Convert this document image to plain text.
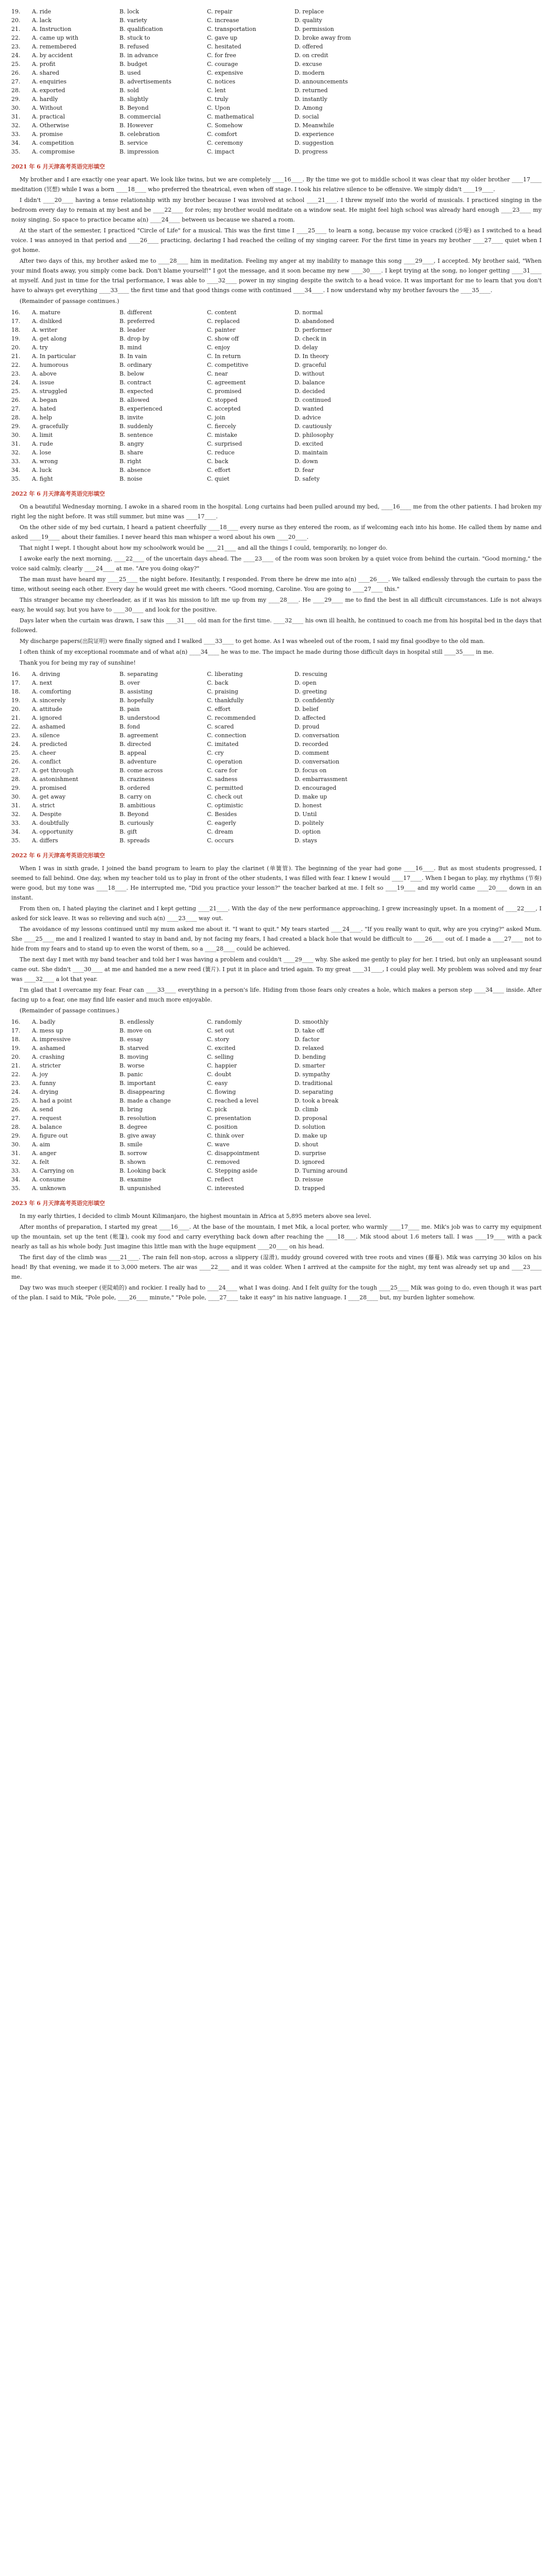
19.	A. ride	B. lock	C. repair	D. replace
20.	A. lack	B. variety	C. increase	D. quality
21.	A. Instruction	B. qualification	C. transportation	D. permission
22.	A. came up with	B. stuck to	C. gave up	D. broke away from
23.	A. remembered	B. refused	C. hesitated	D. offered
24.	A. by accident	B. in advance	C. for free	D. on credit
25.	A. profit	B. budget	C. courage	D. excuse
26.	A. shared	B. used	C. expensive	D. modern
27.	A. enquiries	B. advertisements	C. notices	D. announcements
28.	A. exported	B. sold	C. lent	D. returned
29.	A. hardly	B. slightly	C. truly	D. instantly
30.	A. Without	B. Beyond	C. Upon	D. Among
31.	A. practical	B. commercial	C. mathematical	D. social
32.	A. Otherwise	B. However	C. Somehow	D. Meanwhile
33.	A. promise	B. celebration	C. comfort	D. experience
34.	A. competition	B. service	C. ceremony	D. suggestion
35.	A. compromise	B. impression	C. impact	D. progress
2021 年 6 月天津高考英语完形填空

My brother and I are exactly one year apart. We look like twins, but we are completely ____16____. By the time we got to middle school it was clear that my older brother ____17____ meditation (冥想) while I was a born ____18____ who preferred the theatrical, even when off stage. I took his relative silence to be offensive. We simply didn't ____19____.

I didn't ____20____ having a tense relationship with my brother because I was involved at school ____21____. I threw myself into the world of musicals. I practiced singing in the bedroom every day to remain at my best and be ____22____ for roles; my brother would meditate on a window seat. He might feel high school was already hard enough ____23____ my noisy singing. So space to practice became a(n) ____24____ between us because we shared a room.

At the start of the semester, I practiced "Circle of Life" for a musical. This was the first time I ____25____ to learn a song, because my voice cracked (沙哑) as I switched to a head voice. I was annoyed in that period and ____26____ practicing, declaring I had reached the ceiling of my singing career. For the first time in years my brother ____27____ quiet when I got home.

After two days of this, my brother asked me to ____28____ him in meditation. Feeling my anger at my inability to manage this song ____29____, I accepted. My brother said, "When your mind floats away, you simply come back. Don't blame yourself!" I got the message, and it soon became my new ____30____. I kept trying at the song, no longer getting ____31____ at myself. And just in time for the trial performance, I was able to ____32____ power in my singing despite the switch to a head voice. It was important for me to learn that you don't have to always get everything ____33____ the first time and that good things come with continued ____34____. I now understand why my brother favours the ____35____.

(Remainder of passage continues.)

16.	A. mature	B. different	C. content	D. normal
17.	A. disliked	B. preferred	C. replaced	D. abandoned
18.	A. writer	B. leader	C. painter	D. performer
19.	A. get along	B. drop by	C. show off	D. check in
20.	A. try	B. mind	C. enjoy	D. delay
21.	A. In particular	B. In vain	C. In return	D. In theory
22.	A. humorous	B. ordinary	C. competitive	D. graceful
23.	A. above	B. below	C. near	D. without
24.	A. issue	B. contract	C. agreement	D. balance
25.	A. struggled	B. expected	C. promised	D. decided
26.	A. began	B. allowed	C. stopped	D. continued
27.	A. hated	B. experienced	C. accepted	D. wanted
28.	A. help	B. invite	C. join	D. advice
29.	A. gracefully	B. suddenly	C. fiercely	D. cautiously
30.	A. limit	B. sentence	C. mistake	D. philosophy
31.	A. rude	B. angry	C. surprised	D. excited
32.	A. lose	B. share	C. reduce	D. maintain
33.	A. wrong	B. right	C. back	D. down
34.	A. luck	B. absence	C. effort	D. fear
35.	A. fight	B. noise	C. quiet	D. safety
2022 年 6 月天津高考英语完形填空

On a beautiful Wednesday morning, I awoke in a shared room in the hospital. Long curtains had been pulled around my bed, ____16____ me from the other patients. I had broken my right leg the night before. It was still summer, but mine was ____17____.

On the other side of my bed curtain, I heard a patient cheerfully ____18____ every nurse as they entered the room, as if welcoming each into his home. He called them by name and asked ____19____ about their families. I never heard this man whisper a word about his own ____20____.

That night I wept. I thought about how my schoolwork would be ____21____ and all the things I could, temporarily, no longer do.

I awoke early the next morning, ____22____ of the uncertain days ahead. The ____23____ of the room was soon broken by a quiet voice from behind the curtain. "Good morning," the voice said calmly, clearly ____24____ at me. "Are you doing okay?"

The man must have heard my ____25____ the night before. Hesitantly, I responded. From there he drew me into a(n) ____26____. We talked endlessly through the curtain to pass the time, without seeing each other. Every day he would greet me with cheers. "Good morning, Caroline. You are going to ____27____ this."

This stranger became my cheerleader, as if it was his mission to lift me up from my ____28____. He ____29____ me to find the best in all difficult circumstances. Life is not always easy, he would say, but you have to ____30____ and look for the positive.

Days later when the curtain was drawn, I saw this ____31____ old man for the first time. ____32____ his own ill health, he continued to coach me from his hospital bed in the days that followed.

My discharge papers(出院证明) were finally signed and I walked ____33____ to get home. As I was wheeled out of the room, I said my final goodbye to the old man.

I often think of my exceptional roommate and of what a(n) ____34____ he was to me. The impact he made during those difficult days in hospital still ____35____ in me.

Thank you for being my ray of sunshine!

16.	A. driving	B. separating	C. liberating	D. rescuing
17.	A. next	B. over	C. back	D. open
18.	A. comforting	B. assisting	C. praising	D. greeting
19.	A. sincerely	B. hopefully	C. thankfully	D. confidently
20.	A. attitude	B. pain	C. effort	D. belief
21.	A. ignored	B. understood	C. recommended	D. affected
22.	A. ashamed	B. fond	C. scared	D. proud
23.	A. silence	B. agreement	C. connection	D. conversation
24.	A. predicted	B. directed	C. imitated	D. recorded
25.	A. cheer	B. appeal	C. cry	D. comment
26.	A. conflict	B. adventure	C. operation	D. conversation
27.	A. get through	B. come across	C. care for	D. focus on
28.	A. astonishment	B. craziness	C. sadness	D. embarrassment
29.	A. promised	B. ordered	C. permitted	D. encouraged
30.	A. get away	B. carry on	C. check out	D. make up
31.	A. strict	B. ambitious	C. optimistic	D. honest
32.	A. Despite	B. Beyond	C. Besides	D. Until
33.	A. doubtfully	B. curiously	C. eagerly	D. politely
34.	A. opportunity	B. gift	C. dream	D. option
35.	A. differs	B. spreads	C. occurs	D. stays
2022 年 6 月天津高考英语完形填空

When I was in sixth grade, I joined the band program to learn to play the clarinet (单簧管). The beginning of the year had gone ____16____. But as most students progressed, I seemed to fall behind. One day, when my teacher told us to play in front of the other students, I was filled with fear. I knew I would ____17____. When I began to play, my rhythms (节奏) were good, but my tone was ____18____. He interrupted me, "Did you practice your lesson?" the teacher barked at me. I felt so ____19____ and my world came ____20____ down in an instant.

From then on, I hated playing the clarinet and I kept getting ____21____. With the day of the new performance approaching, I grew increasingly upset. In a moment of ____22____, I asked for sick leave. It was so relieving and such a(n) ____23____ way out.

The avoidance of my lessons continued until my mum asked me about it. "I want to quit." My tears started ____24____. "If you really want to quit, why are you crying?" asked Mum. She ____25____ me and I realized I wanted to stay in band and, by not facing my fears, I had created a black hole that would be difficult to ____26____ out of. I made a ____27____ not to hide from my fears and to stand up to even the worst of them, so a ____28____ could be achieved.

The next day I met with my band teacher and told her I was having a problem and couldn't ____29____ why. She asked me gently to play for her. I tried, but only an unpleasant sound came out. She didn't ____30____ at me and handed me a new reed (簧片). I put it in place and tried again. To my great ____31____, I could play well. My problem was solved and my fear was ____32____ a lot that year.

I'm glad that I overcame my fear. Fear can ____33____ everything in a person's life. Hiding from those fears only creates a hole, which makes a person step ____34____ inside. After facing up to a fear, one may find life easier and much more enjoyable.

(Remainder of passage continues.)

16.	A. badly	B. endlessly	C. randomly	D. smoothly
17.	A. mess up	B. move on	C. set out	D. take off
18.	A. impressive	B. essay	C. story	D. factor
19.	A. ashamed	B. starved	C. excited	D. relaxed
20.	A. crashing	B. moving	C. selling	D. bending
21.	A. stricter	B. worse	C. happier	D. smarter
22.	A. joy	B. panic	C. doubt	D. sympathy
23.	A. funny	B. important	C. easy	D. traditional
24.	A. drying	B. disappearing	C. flowing	D. separating
25.	A. had a point	B. made a change	C. reached a level	D. took a break
26.	A. send	B. bring	C. pick	D. climb
27.	A. request	B. resolution	C. presentation	D. proposal
28.	A. balance	B. degree	C. position	D. solution
29.	A. figure out	B. give away	C. think over	D. make up
30.	A. aim	B. smile	C. wave	D. shout
31.	A. anger	B. sorrow	C. disappointment	D. surprise
32.	A. felt	B. shown	C. removed	D. ignored
33.	A. Carrying on	B. Looking back	C. Stepping aside	D. Turning around
34.	A. consume	B. examine	C. reflect	D. reissue
35.	A. unknown	B. unpunished	C. interested	D. trapped
2023 年 6 月天津高考英语完形填空

In my early thirties, I decided to climb Mount Kilimanjaro, the highest mountain in Africa at 5,895 meters above sea level.

After months of preparation, I started my great ____16____. At the base of the mountain, I met Mik, a local porter, who warmly ____17____ me. Mik's job was to carry my equipment up the mountain, set up the tent (帐篷), cook my food and carry everything back down after reaching the ____18____. Mik stood about 1.6 meters tall. I was ____19____ with a pack nearly as tall as his whole body. Just imagine this little man with the huge equipment ____20____ on his head.

The first day of the climb was ____21____. The rain fell non-stop, across a slippery (湿滑), muddy ground covered with tree roots and vines (藤蔓). Mik was carrying 30 kilos on his head! By that evening, we made it to 3,000 meters. The air was ____22____ and it was colder. When I arrived at the campsite for the night, my tent was already set up and ____23____ me.

Day two was much steeper (更陡峭的) and rockier. I really had to ____24____ what I was doing. And I felt guilty for the tough ____25____ Mik was going to do, even though it was part of the plan. I said to Mik, "Pole pole, ____26____ minute," "Pole pole, ____27____ take it easy" in his native language. I ____28____ but, my burden lighter somehow.
